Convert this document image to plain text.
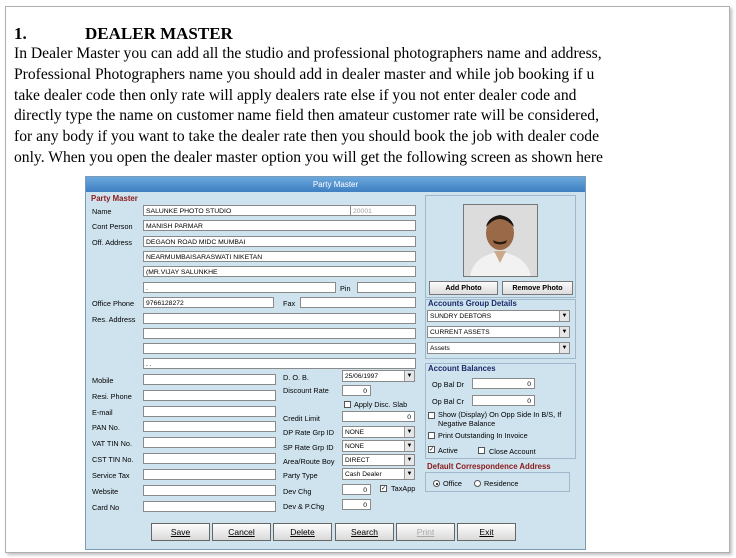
1.	DEALER MASTER
In Dealer Master you can add all the studio and professional photographers name and address,
Professional Photographers name you should add in dealer master and while job booking if u
take dealer code then only rate will apply dealers rate else if you not enter dealer code and
directly type the name on customer name field then amateur customer rate will be considered,
for any body if you want to take the dealer rate then you should book the job with dealer code
only. When you open the dealer master option you will get the following screen as shown here
Party Master
Party Master
Name	SALUNKE PHOTO STUDIO	20001
Cont Person	MANISH PARMAR
Off. Address	DEGAON ROAD MIDC MUMBAI
NEARMUMBAISARASWATI NIKETAN
(MR.VIJAY SALUNKHE
.	Pin
Office Phone	9766128272	Fax
Res. Address
. .
Mobile
Resi. Phone
E-mail
PAN No.
VAT TIN No.
CST TIN No.
Service Tax
Website
Card No
D. O. B.	25/06/1997	▼
Discount Rate	0
Apply Disc. Slab
Credit Limit	0
DP Rate Grp ID	NONE	▼
SP Rate Grp ID	NONE	▼
Area/Route Boy	DIRECT	▼
Party Type	Cash Dealer	▼
Dev Chg	0	✓ TaxApp
Dev & P.Chg	0
Add Photo	Remove Photo
Accounts Group Details
SUNDRY DEBTORS	▼
CURRENT ASSETS	▼
Assets	▼
Account Balances
Op Bal Dr	0
Op Bal Cr	0
Show (Display) On Opp Side In B/S, If Negative Balance
Print Outstanding In Invoice
✓ Active	Close Account
Default Correspondence Address
Office	Residence
Save	Cancel	Delete	Search	Print	Exit
